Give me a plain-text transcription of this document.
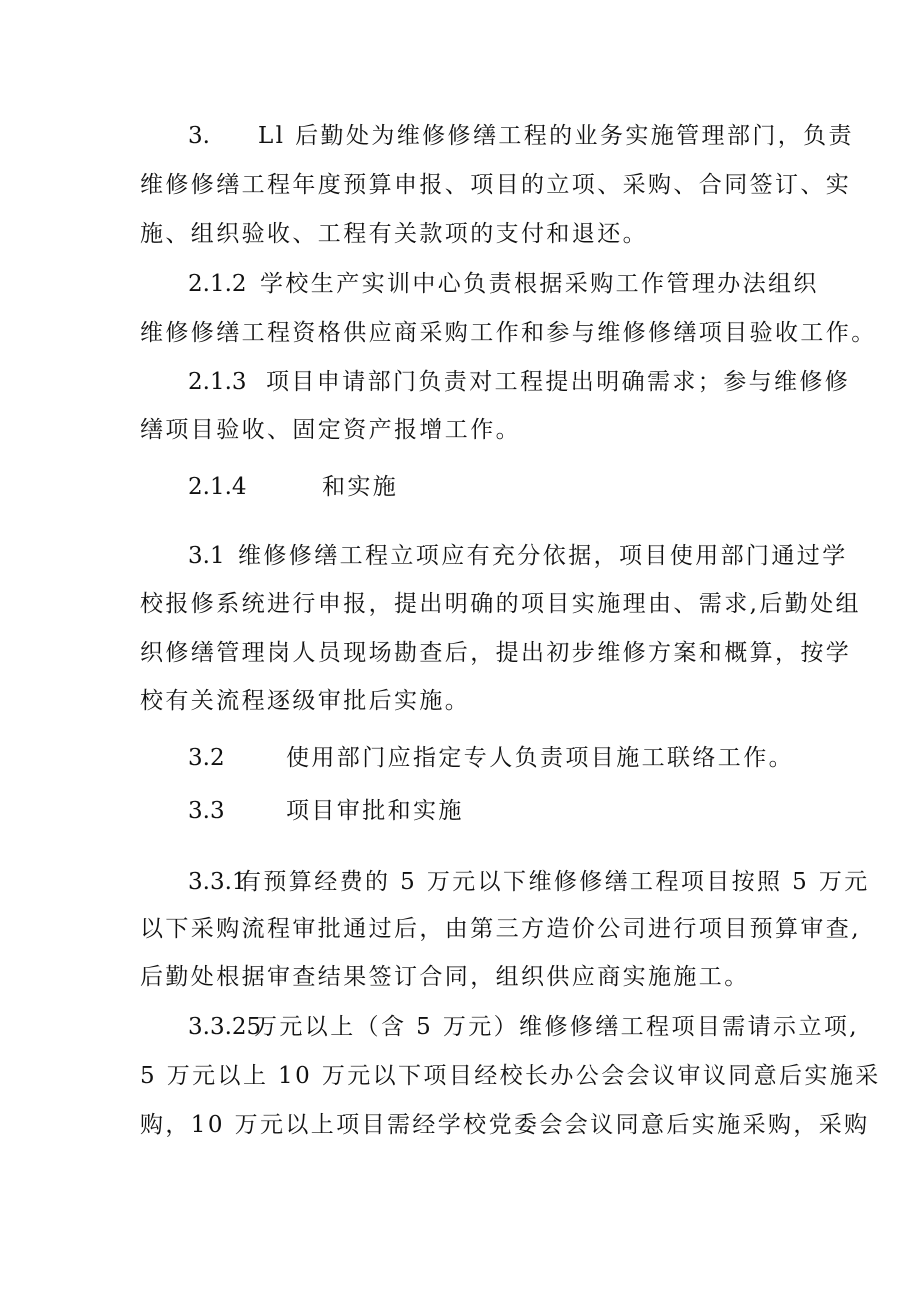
3. Ll 后勤处为维修修缮工程的业务实施管理部门，负责
维修修缮工程年度预算申报、项目的立项、采购、合同签订、实
施、组织验收、工程有关款项的支付和退还。
2.1.2 学校生产实训中心负责根据采购工作管理办法组织
维修修缮工程资格供应商采购工作和参与维修修缮项目验收工作。
2.1.3 项目申请部门负责对工程提出明确需求；参与维修修
缮项目验收、固定资产报增工作。
2.1.4	和实施
3.1 维修修缮工程立项应有充分依据，项目使用部门通过学
校报修系统进行申报，提出明确的项目实施理由、需求,后勤处组
织修缮管理岗人员现场勘查后，提出初步维修方案和概算，按学
校有关流程逐级审批后实施。
3.2	使用部门应指定专人负责项目施工联络工作。
3.3	项目审批和实施
3.3.1有预算经费的 5 万元以下维修修缮工程项目按照 5 万元
以下采购流程审批通过后，由第三方造价公司进行项目预算审查,
后勤处根据审查结果签订合同，组织供应商实施施工。
3.3.25万元以上（含 5 万元）维修修缮工程项目需请示立项,
5 万元以上 10 万元以下项目经校长办公会会议审议同意后实施采
购，10 万元以上项目需经学校党委会会议同意后实施采购，采购
